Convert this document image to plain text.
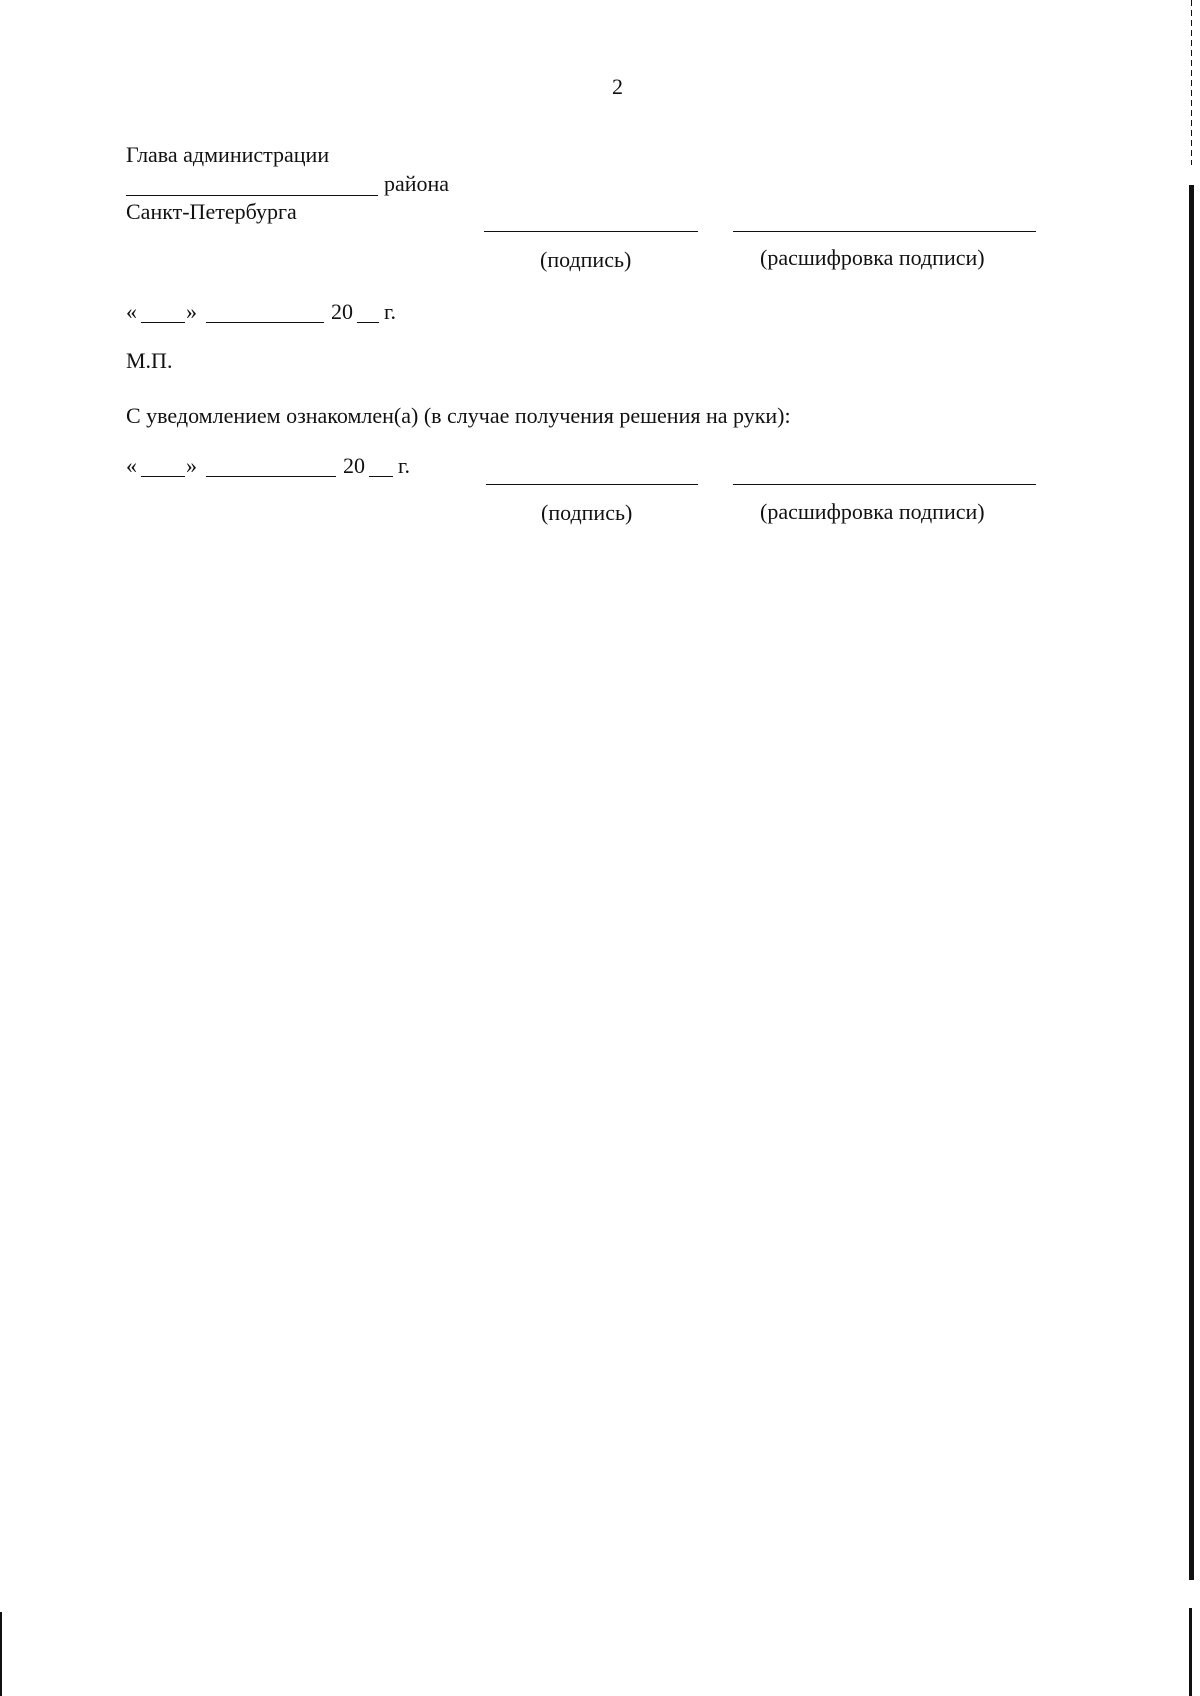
2
Глава администрации
района
Санкт-Петербурга
(подпись)	(расшифровка подписи)
« »	20 г.
М.П.
С уведомлением ознакомлен(а) (в случае получения решения на руки):
« »	20 г.
(подпись)	(расшифровка подписи)
